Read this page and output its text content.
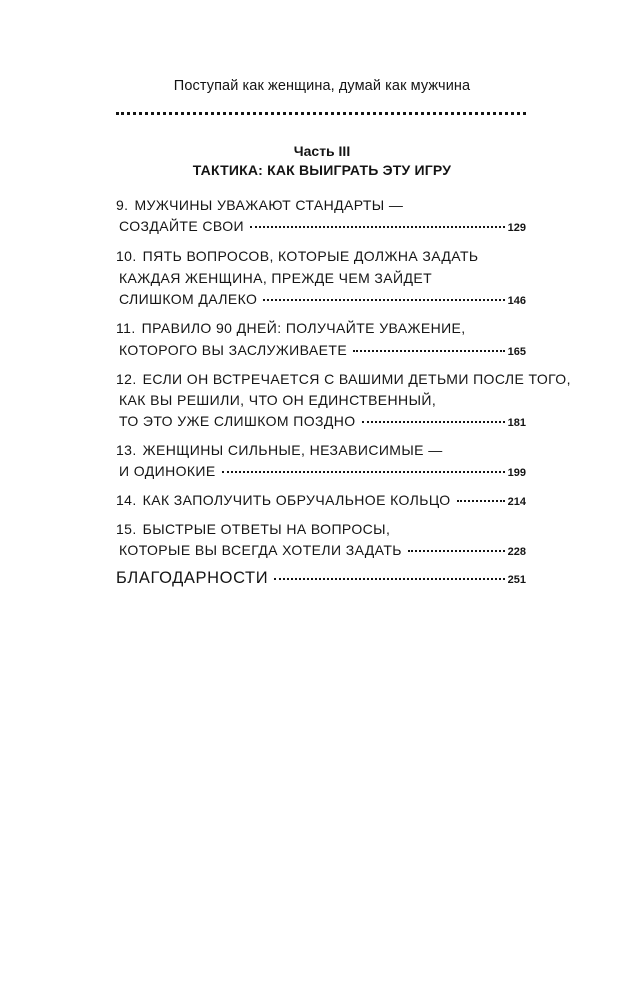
Поступай как женщина, думай как мужчина
Часть III
ТАКТИКА: КАК ВЫИГРАТЬ ЭТУ ИГРУ
9. МУЖЧИНЫ УВАЖАЮТ СТАНДАРТЫ —
СОЗДАЙТЕ СВОИ	129
10. ПЯТЬ ВОПРОСОВ, КОТОРЫЕ ДОЛЖНА ЗАДАТЬ
КАЖДАЯ ЖЕНЩИНА, ПРЕЖДЕ ЧЕМ ЗАЙДЕТ
СЛИШКОМ ДАЛЕКО	146
11. ПРАВИЛО 90 ДНЕЙ: ПОЛУЧАЙТЕ УВАЖЕНИЕ,
КОТОРОГО ВЫ ЗАСЛУЖИВАЕТЕ	165
12. ЕСЛИ ОН ВСТРЕЧАЕТСЯ С ВАШИМИ ДЕТЬМИ ПОСЛЕ ТОГО,
КАК ВЫ РЕШИЛИ, ЧТО ОН ЕДИНСТВЕННЫЙ,
ТО ЭТО УЖЕ СЛИШКОМ ПОЗДНО	181
13. ЖЕНЩИНЫ СИЛЬНЫЕ, НЕЗАВИСИМЫЕ —
И ОДИНОКИЕ	199
14. КАК ЗАПОЛУЧИТЬ ОБРУЧАЛЬНОЕ КОЛЬЦО	214
15. БЫСТРЫЕ ОТВЕТЫ НА ВОПРОСЫ,
КОТОРЫЕ ВЫ ВСЕГДА ХОТЕЛИ ЗАДАТЬ	228
БЛАГОДАРНОСТИ	251
